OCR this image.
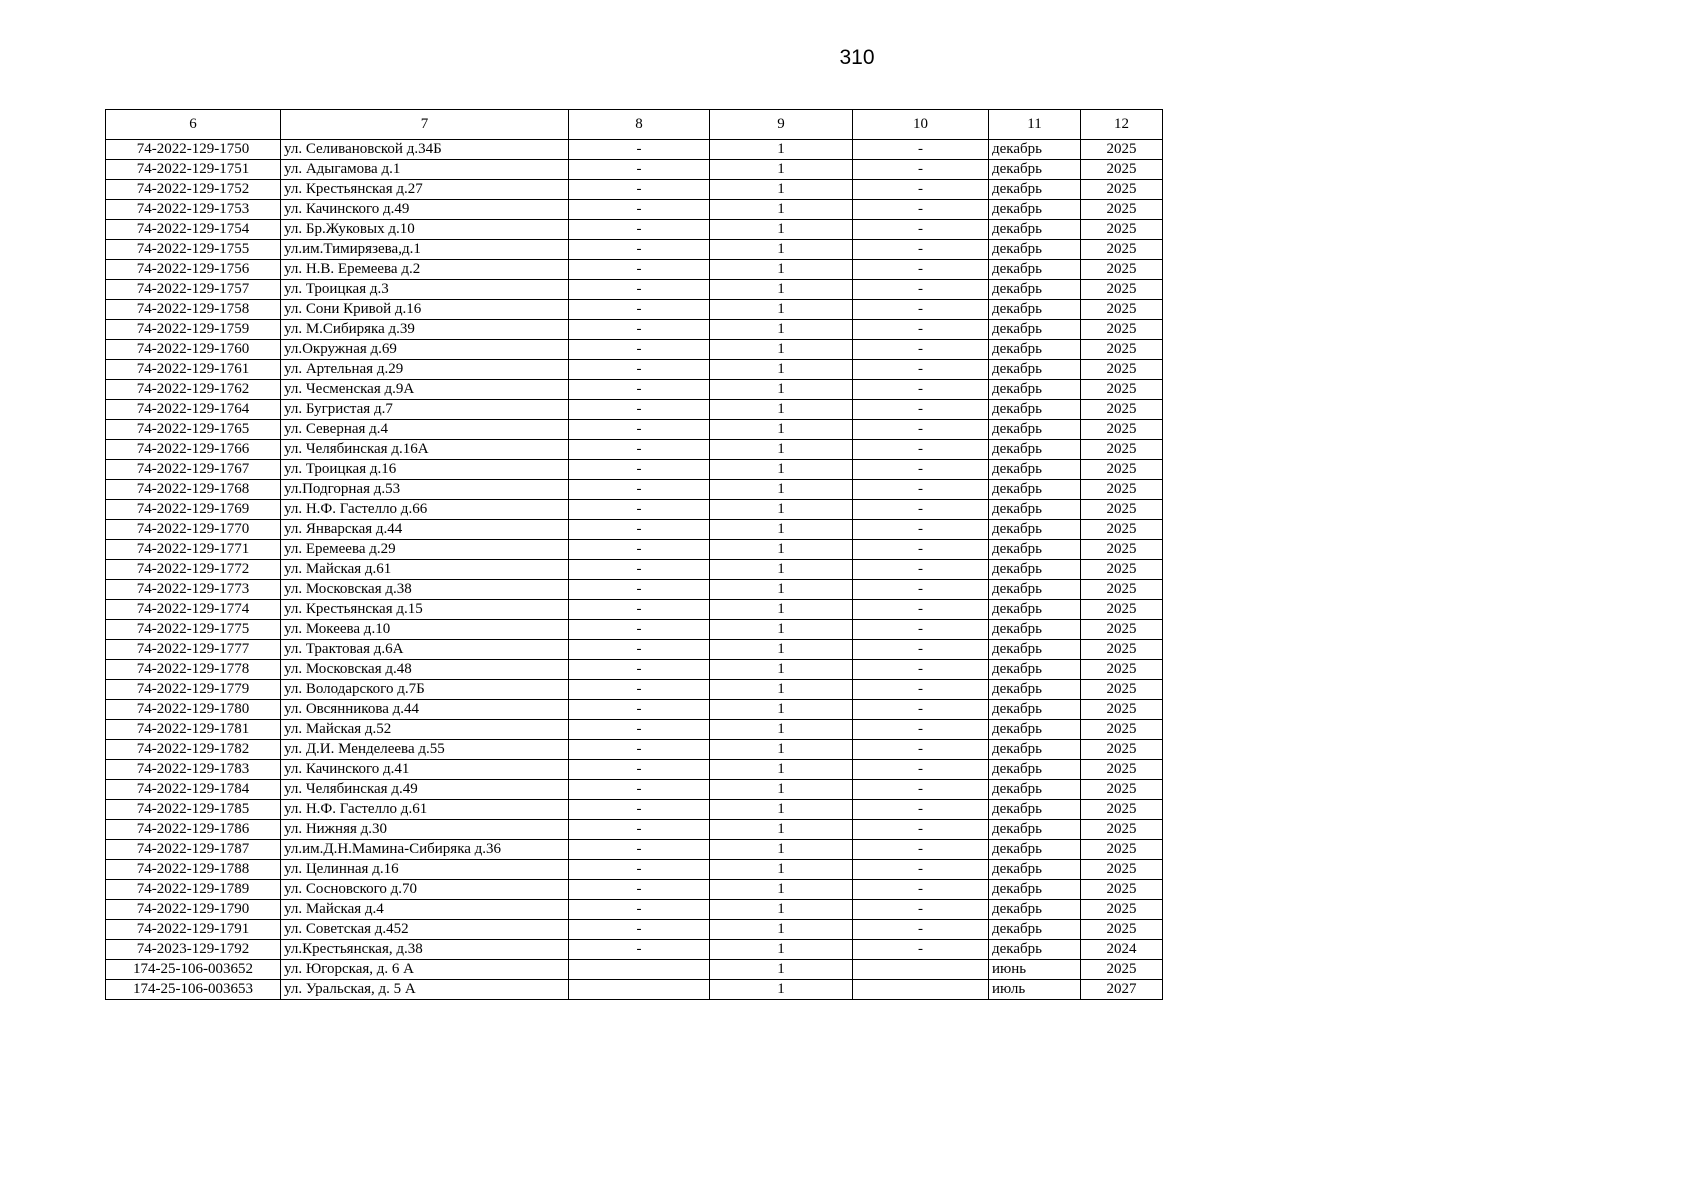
310
6	7	8	9	10	11	12
74-2022-129-1750	ул. Селивановской д.34Б	-	1	-	декабрь	2025
74-2022-129-1751	ул. Адыгамова д.1	-	1	-	декабрь	2025
74-2022-129-1752	ул. Крестьянская д.27	-	1	-	декабрь	2025
74-2022-129-1753	ул. Качинского д.49	-	1	-	декабрь	2025
74-2022-129-1754	ул. Бр.Жуковых д.10	-	1	-	декабрь	2025
74-2022-129-1755	ул.им.Тимирязева,д.1	-	1	-	декабрь	2025
74-2022-129-1756	ул. Н.В. Еремеева д.2	-	1	-	декабрь	2025
74-2022-129-1757	ул. Троицкая д.3	-	1	-	декабрь	2025
74-2022-129-1758	ул. Сони Кривой д.16	-	1	-	декабрь	2025
74-2022-129-1759	ул. М.Сибиряка д.39	-	1	-	декабрь	2025
74-2022-129-1760	ул.Окружная д.69	-	1	-	декабрь	2025
74-2022-129-1761	ул. Артельная д.29	-	1	-	декабрь	2025
74-2022-129-1762	ул. Чесменская д.9А	-	1	-	декабрь	2025
74-2022-129-1764	ул. Бугристая д.7	-	1	-	декабрь	2025
74-2022-129-1765	ул. Северная д.4	-	1	-	декабрь	2025
74-2022-129-1766	ул. Челябинская д.16А	-	1	-	декабрь	2025
74-2022-129-1767	ул. Троицкая д.16	-	1	-	декабрь	2025
74-2022-129-1768	ул.Подгорная д.53	-	1	-	декабрь	2025
74-2022-129-1769	ул. Н.Ф. Гастелло д.66	-	1	-	декабрь	2025
74-2022-129-1770	ул. Январская д.44	-	1	-	декабрь	2025
74-2022-129-1771	ул. Еремеева д.29	-	1	-	декабрь	2025
74-2022-129-1772	ул. Майская д.61	-	1	-	декабрь	2025
74-2022-129-1773	ул. Московская д.38	-	1	-	декабрь	2025
74-2022-129-1774	ул. Крестьянская д.15	-	1	-	декабрь	2025
74-2022-129-1775	ул. Мокеева д.10	-	1	-	декабрь	2025
74-2022-129-1777	ул. Трактовая д.6А	-	1	-	декабрь	2025
74-2022-129-1778	ул. Московская д.48	-	1	-	декабрь	2025
74-2022-129-1779	ул. Володарского д.7Б	-	1	-	декабрь	2025
74-2022-129-1780	ул. Овсянникова д.44	-	1	-	декабрь	2025
74-2022-129-1781	ул. Майская д.52	-	1	-	декабрь	2025
74-2022-129-1782	ул. Д.И. Менделеева д.55	-	1	-	декабрь	2025
74-2022-129-1783	ул. Качинского д.41	-	1	-	декабрь	2025
74-2022-129-1784	ул. Челябинская д.49	-	1	-	декабрь	2025
74-2022-129-1785	ул. Н.Ф. Гастелло д.61	-	1	-	декабрь	2025
74-2022-129-1786	ул. Нижняя д.30	-	1	-	декабрь	2025
74-2022-129-1787	ул.им.Д.Н.Мамина-Сибиряка д.36	-	1	-	декабрь	2025
74-2022-129-1788	ул. Целинная д.16	-	1	-	декабрь	2025
74-2022-129-1789	ул. Сосновского д.70	-	1	-	декабрь	2025
74-2022-129-1790	ул. Майская д.4	-	1	-	декабрь	2025
74-2022-129-1791	ул. Советская д.452	-	1	-	декабрь	2025
74-2023-129-1792	ул.Крестьянская, д.38	-	1	-	декабрь	2024
174-25-106-003652	ул. Югорская, д. 6 А		1		июнь	2025
174-25-106-003653	ул. Уральская, д. 5 А		1		июль	2027
